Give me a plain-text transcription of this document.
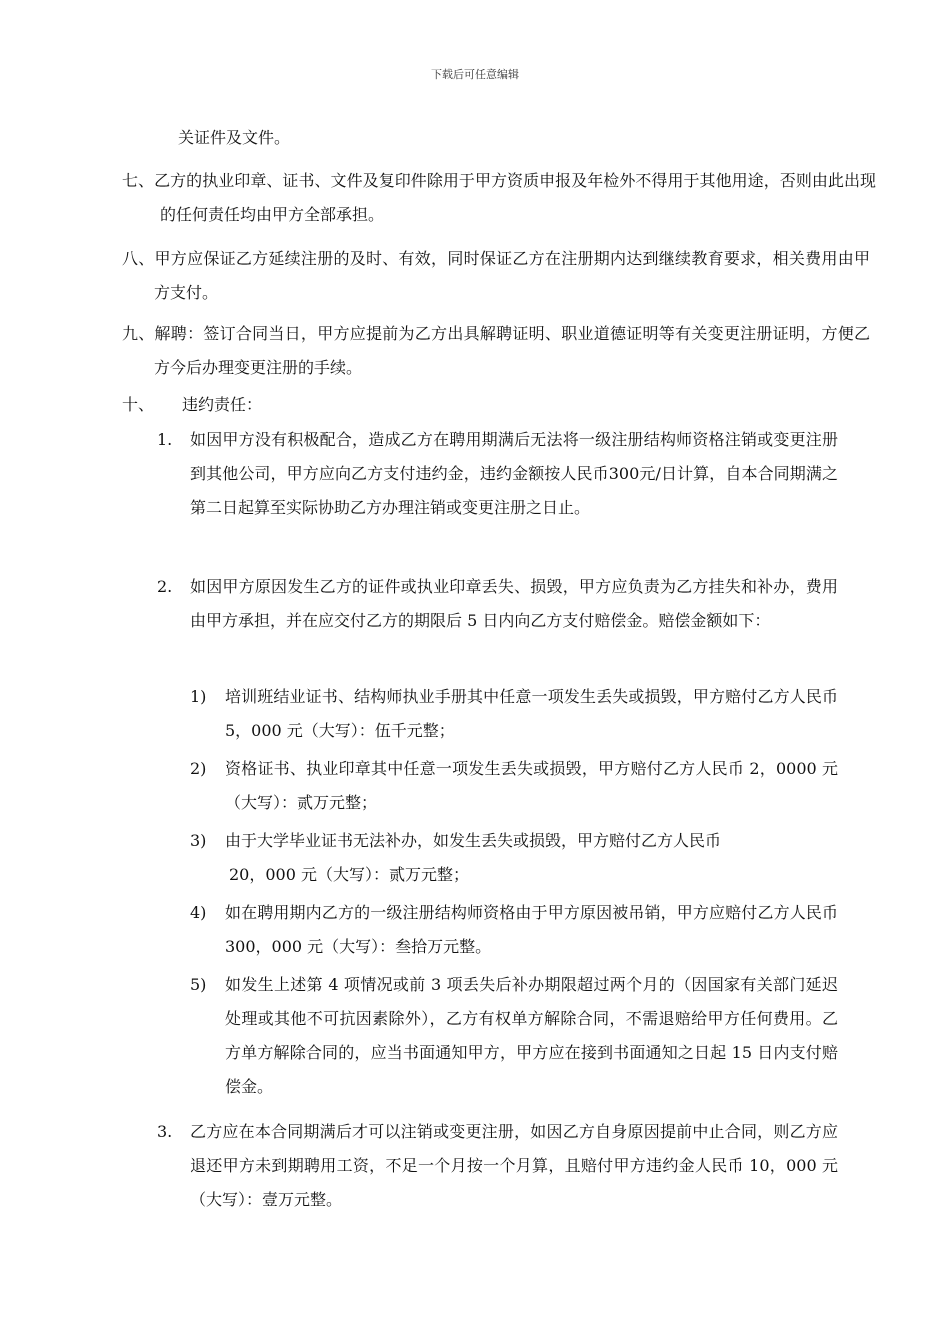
下载后可任意编辑
关证件及文件。
七、乙方的执业印章、证书、文件及复印件除用于甲方资质申报及年检外不得用于其他用途，否则由此出现的任何责任均由甲方全部承担。
八、甲方应保证乙方延续注册的及时、有效，同时保证乙方在注册期内达到继续教育要求，相关费用由甲方支付。
九、解聘：签订合同当日，甲方应提前为乙方出具解聘证明、职业道德证明等有关变更注册证明，方便乙方今后办理变更注册的手续。
十、 违约责任：
1. 如因甲方没有积极配合，造成乙方在聘用期满后无法将一级注册结构师资格注销或变更注册到其他公司，甲方应向乙方支付违约金，违约金额按人民币300元/日计算，自本合同期满之第二日起算至实际协助乙方办理注销或变更注册之日止。
2. 如因甲方原因发生乙方的证件或执业印章丢失、损毁，甲方应负责为乙方挂失和补办，费用由甲方承担，并在应交付乙方的期限后 5 日内向乙方支付赔偿金。赔偿金额如下：
1) 培训班结业证书、结构师执业手册其中任意一项发生丢失或损毁，甲方赔付乙方人民币 5，000 元（大写）：伍千元整；
2) 资格证书、执业印章其中任意一项发生丢失或损毁，甲方赔付乙方人民币 2，0000 元（大写）：贰万元整；
3) 由于大学毕业证书无法补办，如发生丢失或损毁，甲方赔付乙方人民币
20，000 元（大写）：贰万元整；
4) 如在聘用期内乙方的一级注册结构师资格由于甲方原因被吊销，甲方应赔付乙方人民币 300，000 元（大写）：叁拾万元整。
5) 如发生上述第 4 项情况或前 3 项丢失后补办期限超过两个月的（因国家有关部门延迟处理或其他不可抗因素除外），乙方有权单方解除合同，不需退赔给甲方任何费用。乙方单方解除合同的，应当书面通知甲方，甲方应在接到书面通知之日起 15 日内支付赔偿金。
3. 乙方应在本合同期满后才可以注销或变更注册，如因乙方自身原因提前中止合同，则乙方应退还甲方未到期聘用工资，不足一个月按一个月算，且赔付甲方违约金人民币 10，000 元（大写）：壹万元整。
